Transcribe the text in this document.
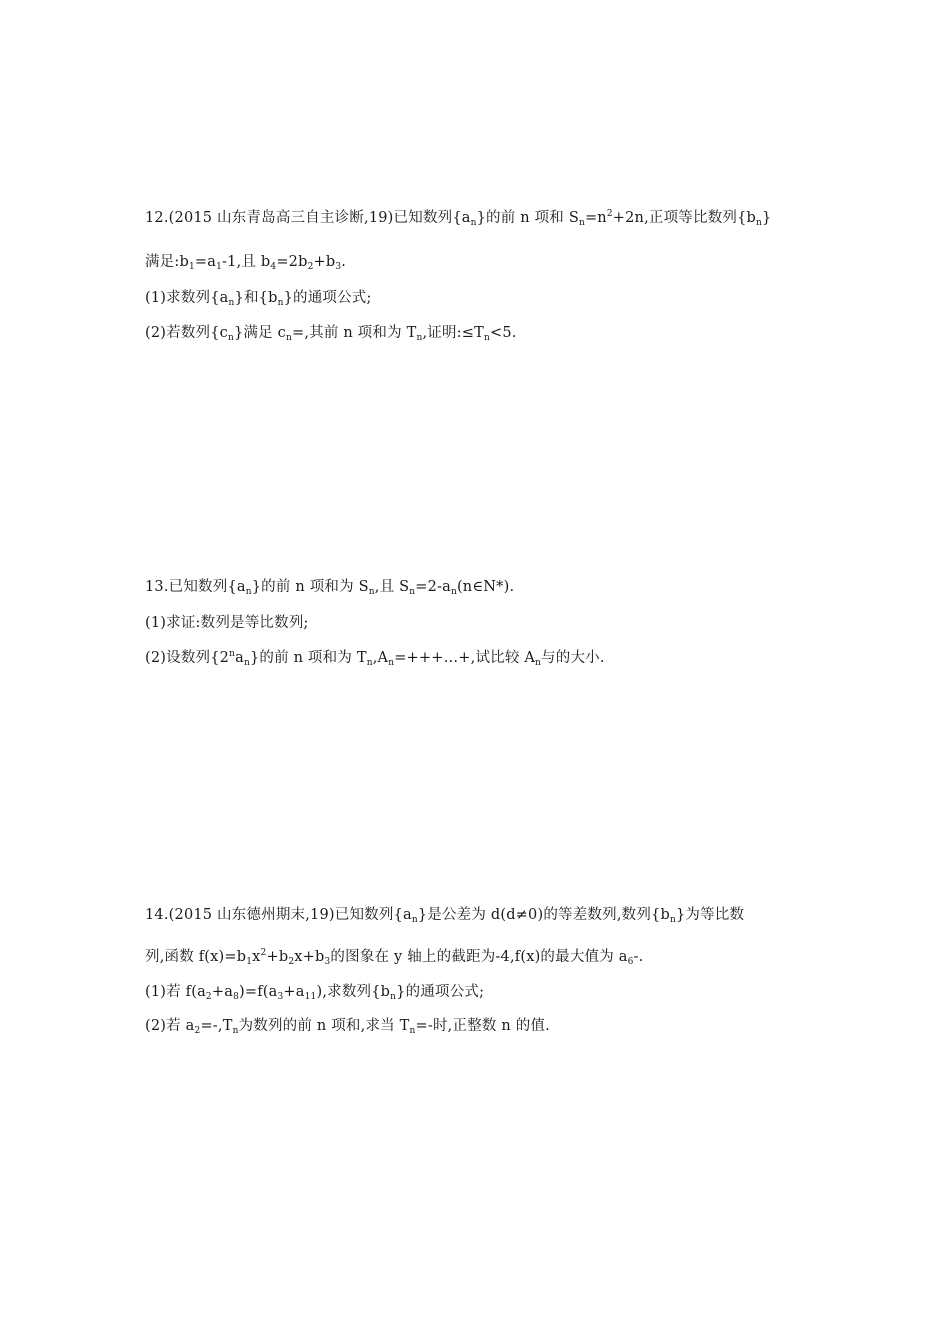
12.(2015 山东青岛高三自主诊断,19)已知数列$\{a_n\}$的前 n 项和 $S_n=n^2+2n$,正项等比数列$\{b_n\}$
满足$:b_1=a_1-1$,且 $b_4=2b_2+b_3$.
(1)求数列$\{a_n\}$和$\{b_n\}$的通项公式;
(2)若数列$\{c_n\}$满足 $c_n=$,其前 n 项和为 $T_n$,证明$:\le T_n<5$.
13.已知数列$\{a_n\}$的前 n 项和为 $S_n$,且 $S_n=2-a_n(n\in N*)$.
(1)求证:数列是等比数列;
(2)设数列$\{2^na_n\}$的前 n 项和为 $T_n,A_n=+++\dots+$,试比较 $A_n$与的大小.
14.(2015 山东德州期末,19)已知数列$\{a_n\}$是公差为 d(d≠0)的等差数列,数列$\{b_n\}$为等比数
列,函数 $f(x)=b_1x^2+b_2x+b_3$的图象在 y 轴上的截距为-4,f(x)的最大值为 $a_6-$.
(1)若 $f(a_2+a_8)=f(a_3+a_{11})$,求数列$\{b_n\}$的通项公式;
(2)若 $a_2=-,T_n$为数列的前 n 项和,求当 $T_n=-$时,正整数 n 的值.
